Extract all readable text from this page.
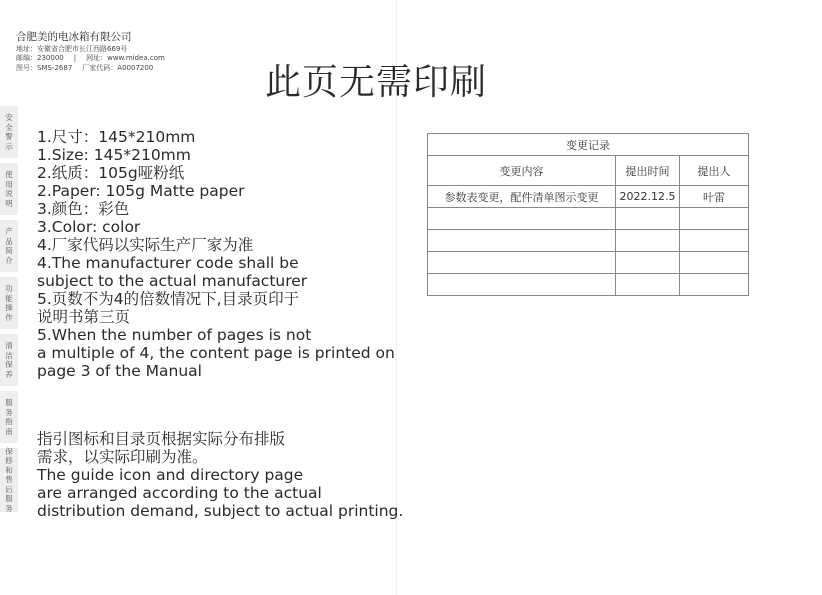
合肥美的电冰箱有限公司
地址：安徽省合肥市长江西路669号
邮编：230000 | 网址：www.midea.com
图号：SMS-2687 厂家代码：A0007200	此页无需印刷
安
全
警
示
使
用
说
明
产
品
简
介
功
能
操
作
清
洁
保
养
服
务
指
南
保
修
和
售
后
服
务
1.尺寸：145*210mm
1.Size: 145*210mm
2.纸质：105g哑粉纸
2.Paper: 105g Matte paper
3.颜色：彩色
3.Color: color
4.厂家代码以实际生产厂家为准
4.The manufacturer code shall be
subject to the actual manufacturer
5.页数不为4的倍数情况下,目录页印于
说明书第三页
5.When the number of pages is not
a multiple of 4, the content page is printed on
page 3 of the Manual
指引图标和目录页根据实际分布排版
需求，以实际印刷为准。
The guide icon and directory page
are arranged according to the actual
distribution demand, subject to actual printing.
变更记录		
变更内容	提出时间	提出人
参数表变更，配件清单图示变更	2022.12.5	叶雷
